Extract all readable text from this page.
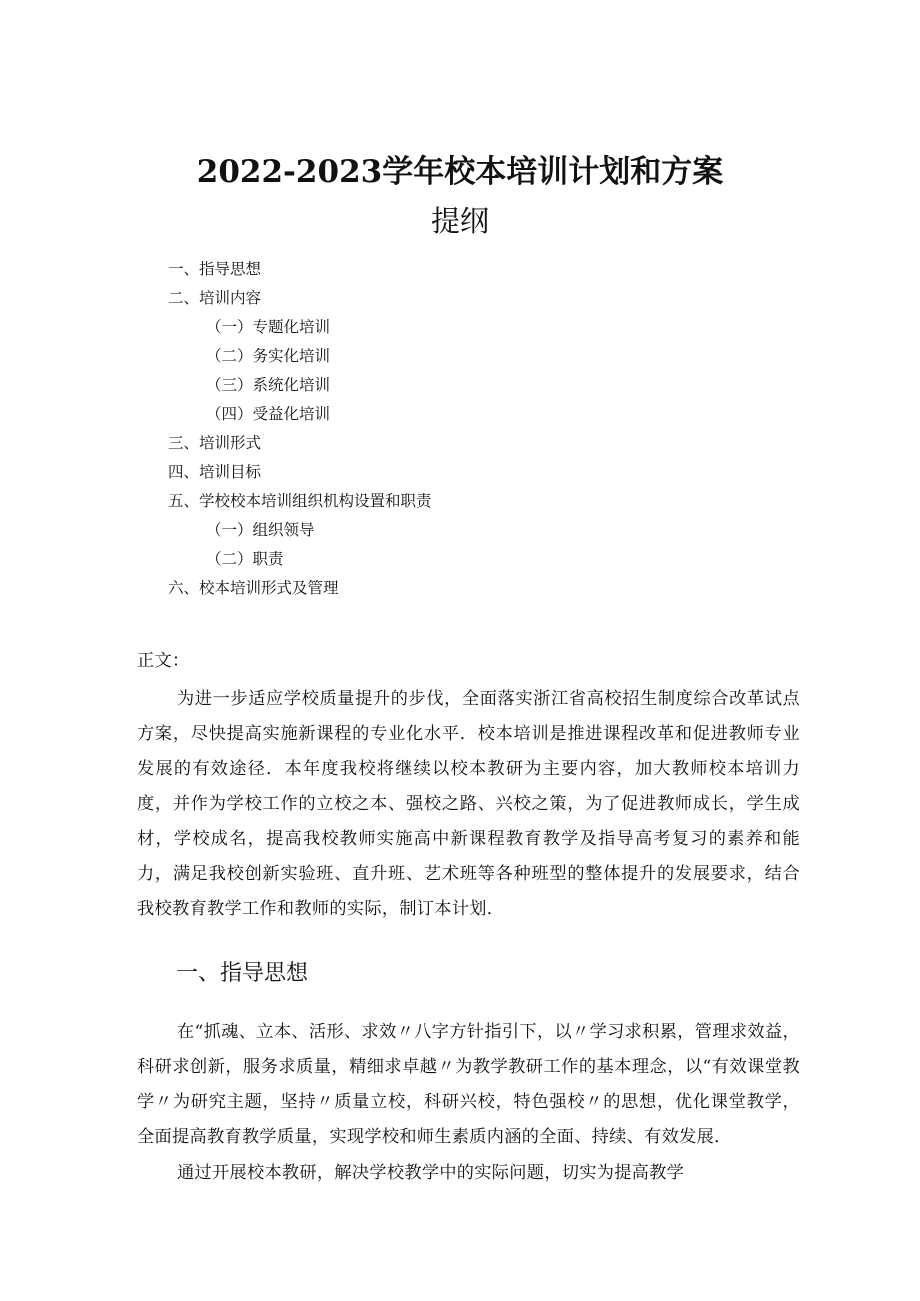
2022-2023学年校本培训计划和方案
提纲
一、指导思想
二、培训内容
（一）专题化培训
（二）务实化培训
（三）系统化培训
（四）受益化培训
三、培训形式
四、培训目标
五、学校校本培训组织机构设置和职责
（一）组织领导
（二）职责
六、校本培训形式及管理
正文：
为进一步适应学校质量提升的步伐，全面落实浙江省高校招生制度综合改革试点方案，尽快提高实施新课程的专业化水平．校本培训是推进课程改革和促进教师专业发展的有效途径．本年度我校将继续以校本教研为主要内容，加大教师校本培训力度，并作为学校工作的立校之本、强校之路、兴校之策，为了促进教师成长，学生成材，学校成名，提高我校教师实施高中新课程教育教学及指导高考复习的素养和能力，满足我校创新实验班、直升班、艺术班等各种班型的整体提升的发展要求，结合我校教育教学工作和教师的实际，制订本计划．
一、指导思想
在“抓魂、立本、活形、求效〃八字方针指引下，以〃学习求积累，管理求效益，科研求创新，服务求质量，精细求卓越〃为教学教研工作的基本理念，以“有效课堂教学〃为研究主题，坚持〃质量立校，科研兴校，特色强校〃的思想，优化课堂教学，全面提高教育教学质量，实现学校和师生素质内涵的全面、持续、有效发展．
通过开展校本教研，解决学校教学中的实际问题，切实为提高教学
